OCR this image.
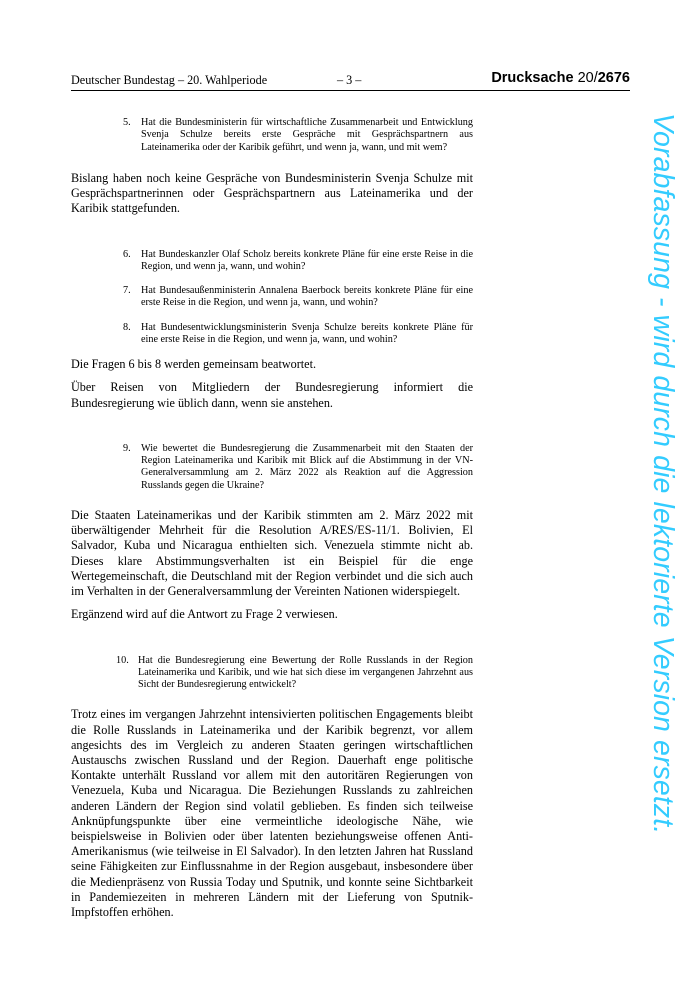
Deutscher Bundestag – 20. Wahlperiode	– 3 –	Drucksache 20/2676
5. Hat die Bundesministerin für wirtschaftliche Zusammenarbeit und Entwicklung Svenja Schulze bereits erste Gespräche mit Gesprächspartnern aus Lateinamerika oder der Karibik geführt, und wenn ja, wann, und mit wem?

Bislang haben noch keine Gespräche von Bundesministerin Svenja Schulze mit Gesprächspartnerinnen oder Gesprächspartnern aus Lateinamerika und der Karibik stattgefunden.

6. Hat Bundeskanzler Olaf Scholz bereits konkrete Pläne für eine erste Reise in die Region, und wenn ja, wann, und wohin?
7. Hat Bundesaußenministerin Annalena Baerbock bereits konkrete Pläne für eine erste Reise in die Region, und wenn ja, wann, und wohin?
8. Hat Bundesentwicklungsministerin Svenja Schulze bereits konkrete Pläne für eine erste Reise in die Region, und wenn ja, wann, und wohin?

Die Fragen 6 bis 8 werden gemeinsam beatwortet.

Über Reisen von Mitgliedern der Bundesregierung informiert die Bundesregierung wie üblich dann, wenn sie anstehen.

9. Wie bewertet die Bundesregierung die Zusammenarbeit mit den Staaten der Region Lateinamerika und Karibik mit Blick auf die Abstimmung in der VN-Generalversammlung am 2. März 2022 als Reaktion auf die Aggression Russlands gegen die Ukraine?

Die Staaten Lateinamerikas und der Karibik stimmten am 2. März 2022 mit überwältigender Mehrheit für die Resolution A/RES/ES-11/1. Bolivien, El Salvador, Kuba und Nicaragua enthielten sich. Venezuela stimmte nicht ab. Dieses klare Abstimmungsverhalten ist ein Beispiel für die enge Wertegemeinschaft, die Deutschland mit der Region verbindet und die sich auch im Verhalten in der Generalversammlung der Vereinten Nationen widerspiegelt.

Ergänzend wird auf die Antwort zu Frage 2 verwiesen.

10. Hat die Bundesregierung eine Bewertung der Rolle Russlands in der Region Lateinamerika und Karibik, und wie hat sich diese im vergangenen Jahrzehnt aus Sicht der Bundesregierung entwickelt?

Trotz eines im vergangen Jahrzehnt intensivierten politischen Engagements bleibt die Rolle Russlands in Lateinamerika und der Karibik begrenzt, vor allem angesichts des im Vergleich zu anderen Staaten geringen wirtschaftlichen Austauschs zwischen Russland und der Region. Dauerhaft enge politische Kontakte unterhält Russland vor allem mit den autoritären Regierungen von Venezuela, Kuba und Nicaragua. Die Beziehungen Russlands zu zahlreichen anderen Ländern der Region sind volatil geblieben. Es finden sich teilweise Anknüpfungspunkte über eine vermeintliche ideologische Nähe, wie beispielsweise in Bolivien oder über latenten beziehungsweise offenen Anti-Amerikanismus (wie teilweise in El Salvador). In den letzten Jahren hat Russland seine Fähigkeiten zur Einflussnahme in der Region ausgebaut, insbesondere über die Medienpräsenz von Russia Today und Sputnik, und konnte seine Sichtbarkeit in Pandemiezeiten in mehreren Ländern mit der Lieferung von Sputnik-Impfstoffen erhöhen.

Vorabfassung - wird durch die lektorierte Version ersetzt.
